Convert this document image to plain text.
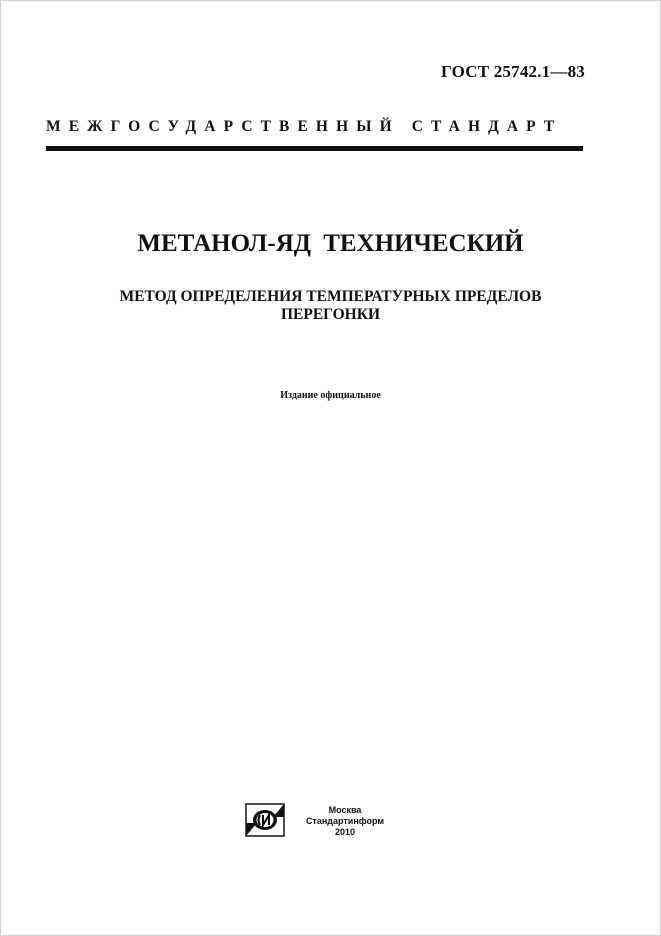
ГОСТ 25742.1—83
МЕЖГОСУДАРСТВЕННЫЙ СТАНДАРТ
МЕТАНОЛ-ЯД ТЕХНИЧЕСКИЙ
МЕТОД ОПРЕДЕЛЕНИЯ ТЕМПЕРАТУРНЫХ ПРЕДЕЛОВ
ПЕРЕГОНКИ
Издание официальное
Москва
Стандартинформ
2010
